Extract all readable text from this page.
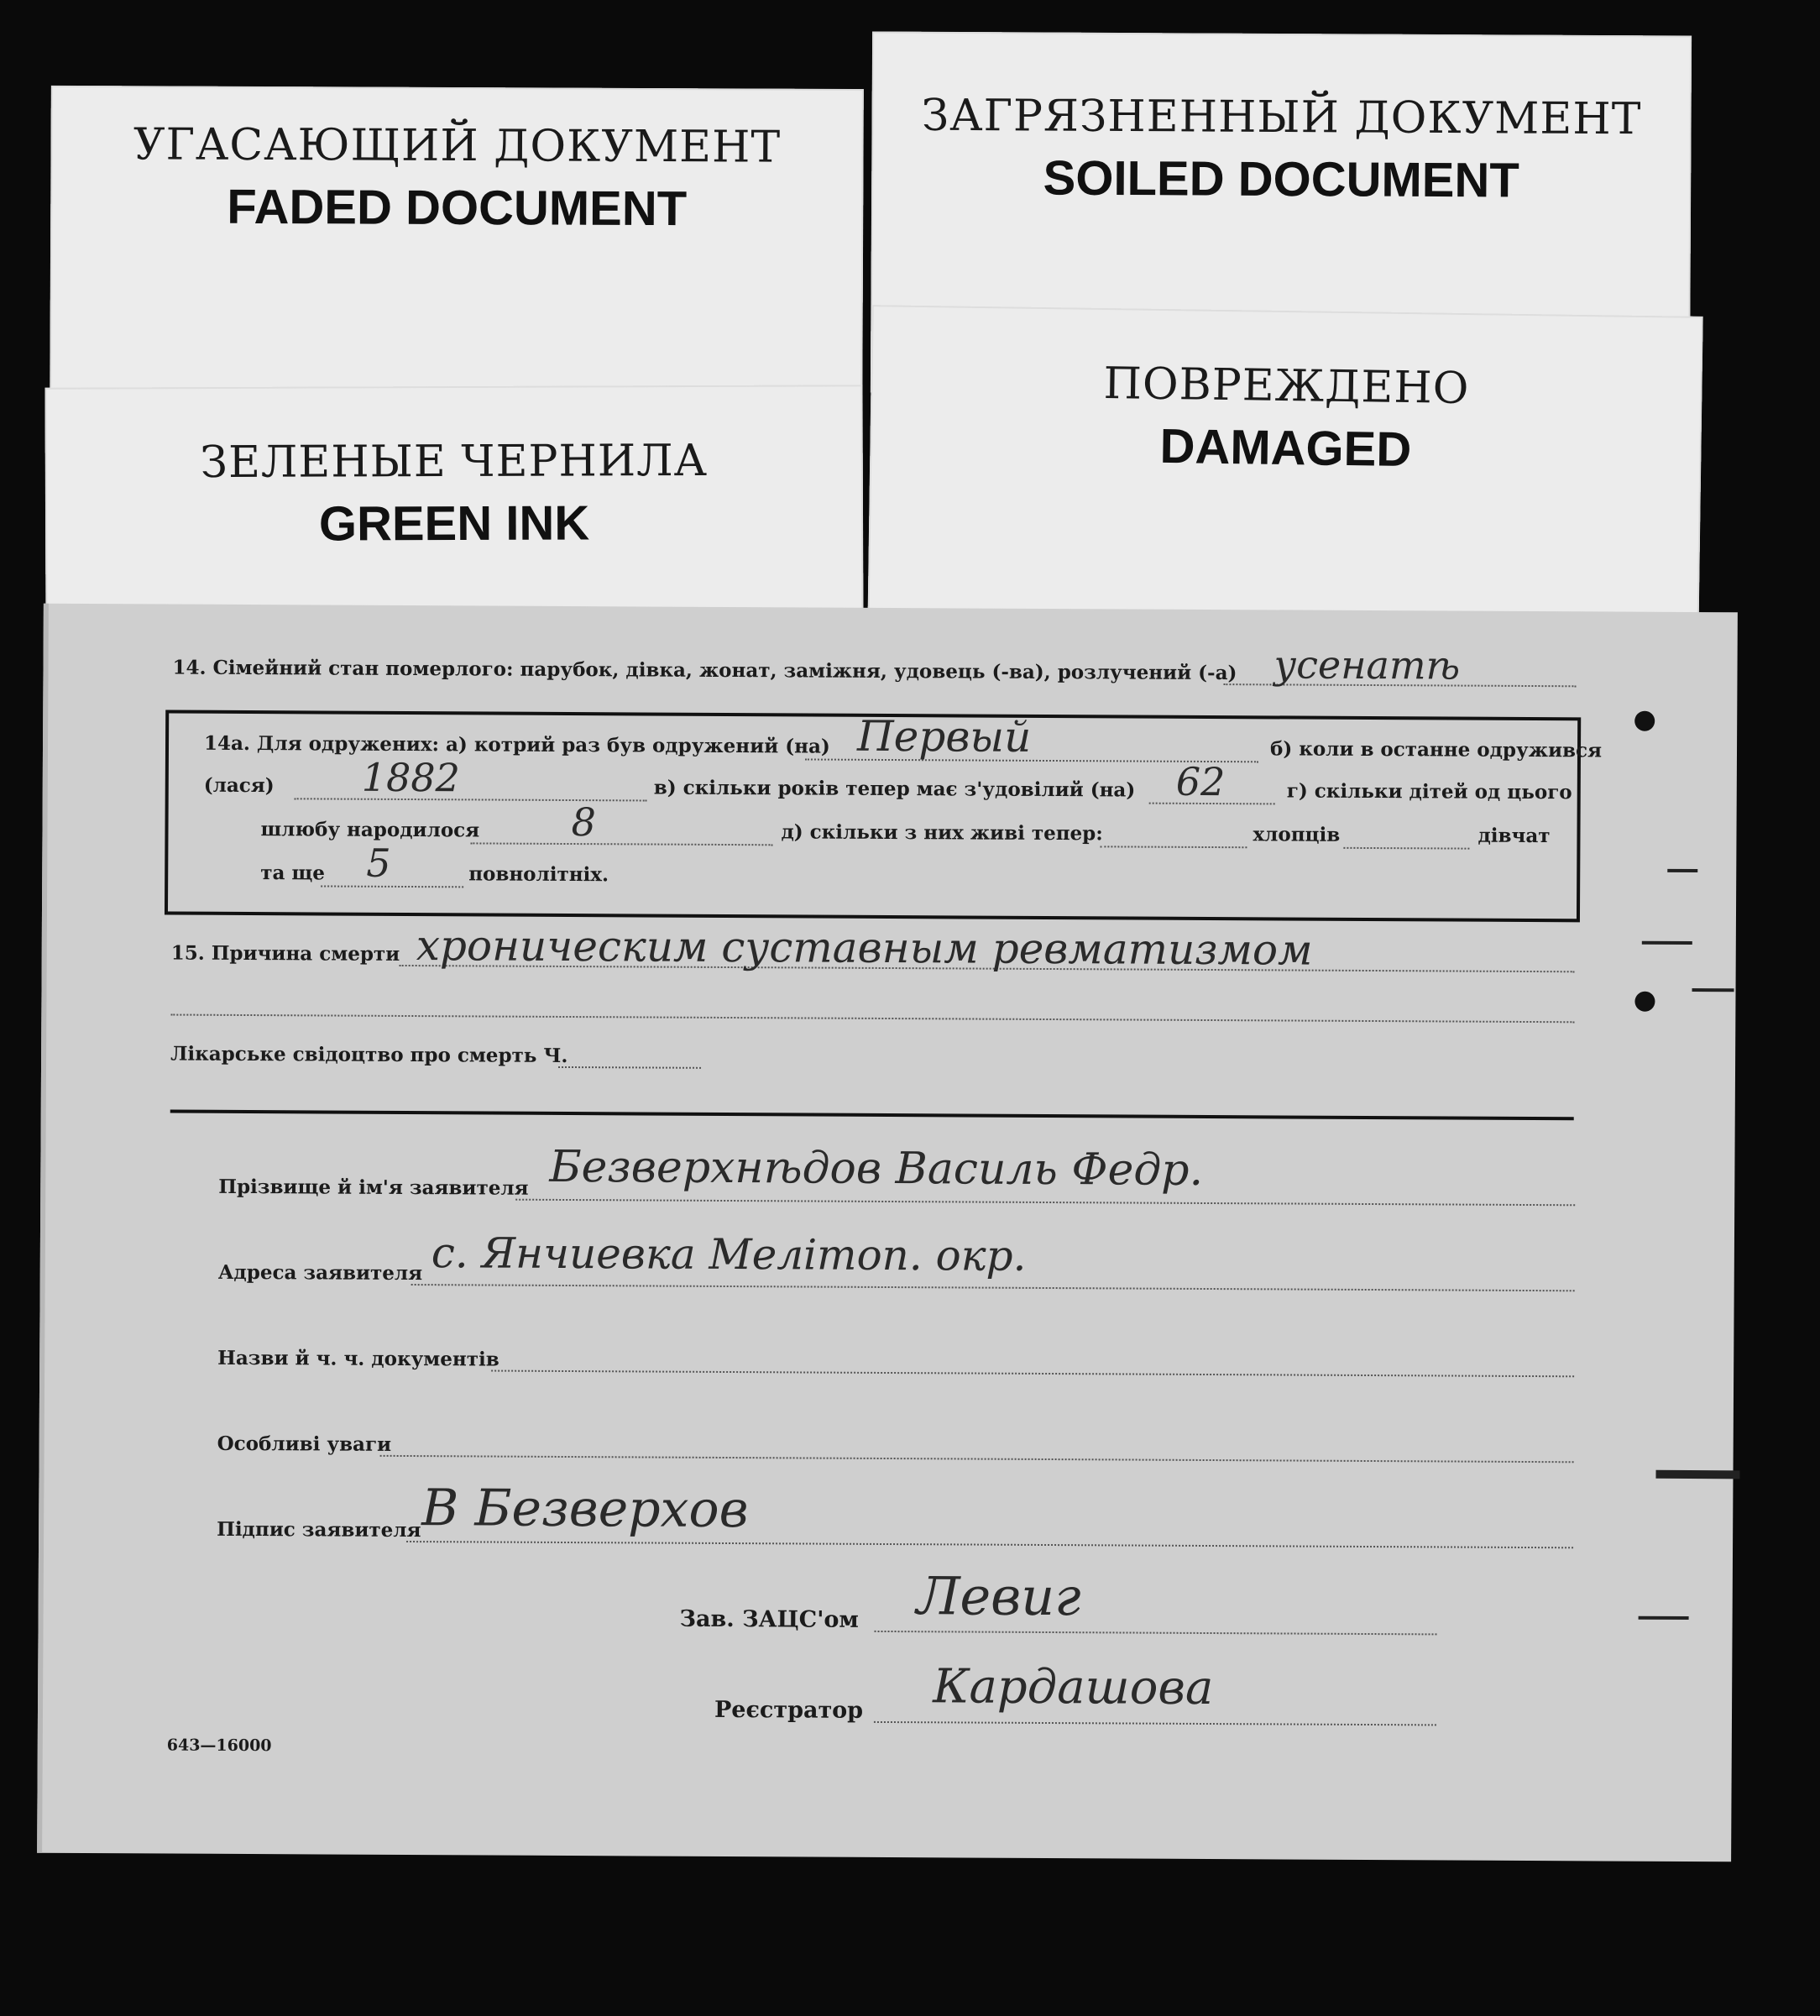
УГАСАЮЩИЙ ДОКУМЕНТ
FADED DOCUMENT
ЗАГРЯЗНЕННЫЙ ДОКУМЕНТ
SOILED DOCUMENT
ЗЕЛЕНЫЕ ЧЕРНИЛА
GREEN INK
ПОВРЕЖДЕНО
DAMAGED
14. Сімейний стан померлого: парубок, дівка, жонат, заміжня, удовець (-ва), розлучений (-а) усенатѣ
14а. Для одружених: а) котрий раз був одружений (на) Первый	б) коли в останне одружився
(лася) 1882	в) скільки років тепер має з'удовілий (на) 62	г) скільки дітей од цього
шлюбу народилося 8	д) скільки з них живі тепер:	хлопців	дівчат
та ще 5	повнолітніх.
15. Причина смерти хроническим суставным ревматизмом
Лікарське свідоцтво про смерть Ч.
Прізвище й ім'я заявителя Безверхнѣдов Василь Федр.
Адреса заявителя с. Янчиевка Мелітоп. окр.
Назви й ч. ч. документів
Особливі уваги
Підпис заявителя В Безверхов
Зав. ЗАЦС'ом Левиг
Реєстратор Кардашова
643—16000
